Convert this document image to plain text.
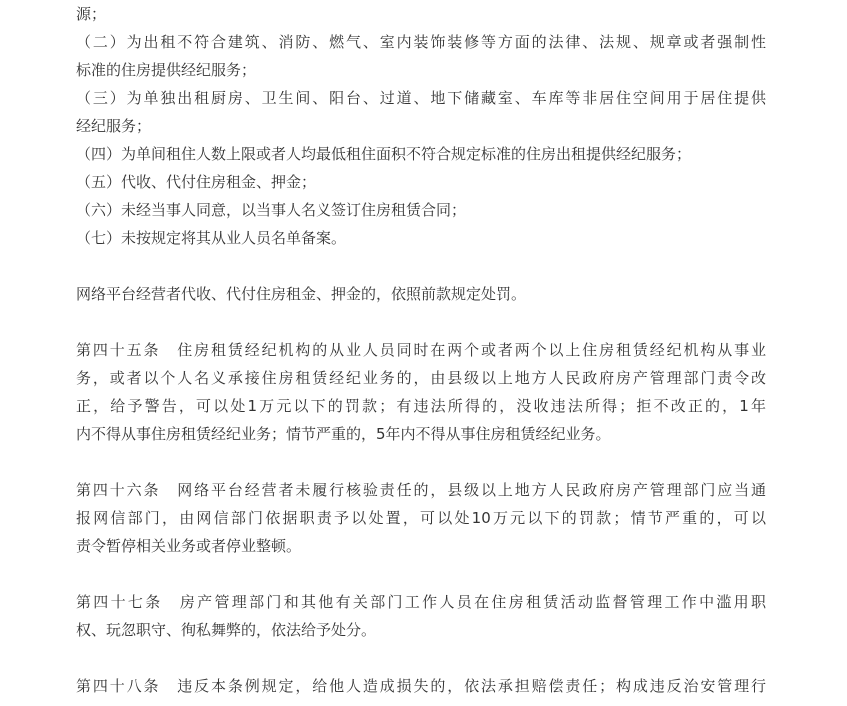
源；
（二）为出租不符合建筑、消防、燃气、室内装饰装修等方面的法律、法规、规章或者强制性
标准的住房提供经纪服务；
（三）为单独出租厨房、卫生间、阳台、过道、地下储藏室、车库等非居住空间用于居住提供
经纪服务；
（四）为单间租住人数上限或者人均最低租住面积不符合规定标准的住房出租提供经纪服务；
（五）代收、代付住房租金、押金；
（六）未经当事人同意，以当事人名义签订住房租赁合同；
（七）未按规定将其从业人员名单备案。
网络平台经营者代收、代付住房租金、押金的，依照前款规定处罚。
第四十五条　住房租赁经纪机构的从业人员同时在两个或者两个以上住房租赁经纪机构从事业
务，或者以个人名义承接住房租赁经纪业务的，由县级以上地方人民政府房产管理部门责令改
正，给予警告，可以处1万元以下的罚款；有违法所得的，没收违法所得；拒不改正的，1年
内不得从事住房租赁经纪业务；情节严重的，5年内不得从事住房租赁经纪业务。
第四十六条　网络平台经营者未履行核验责任的，县级以上地方人民政府房产管理部门应当通
报网信部门，由网信部门依据职责予以处置，可以处10万元以下的罚款；情节严重的，可以
责令暂停相关业务或者停业整顿。
第四十七条　房产管理部门和其他有关部门工作人员在住房租赁活动监督管理工作中滥用职
权、玩忽职守、徇私舞弊的，依法给予处分。
第四十八条　违反本条例规定，给他人造成损失的，依法承担赔偿责任；构成违反治安管理行
